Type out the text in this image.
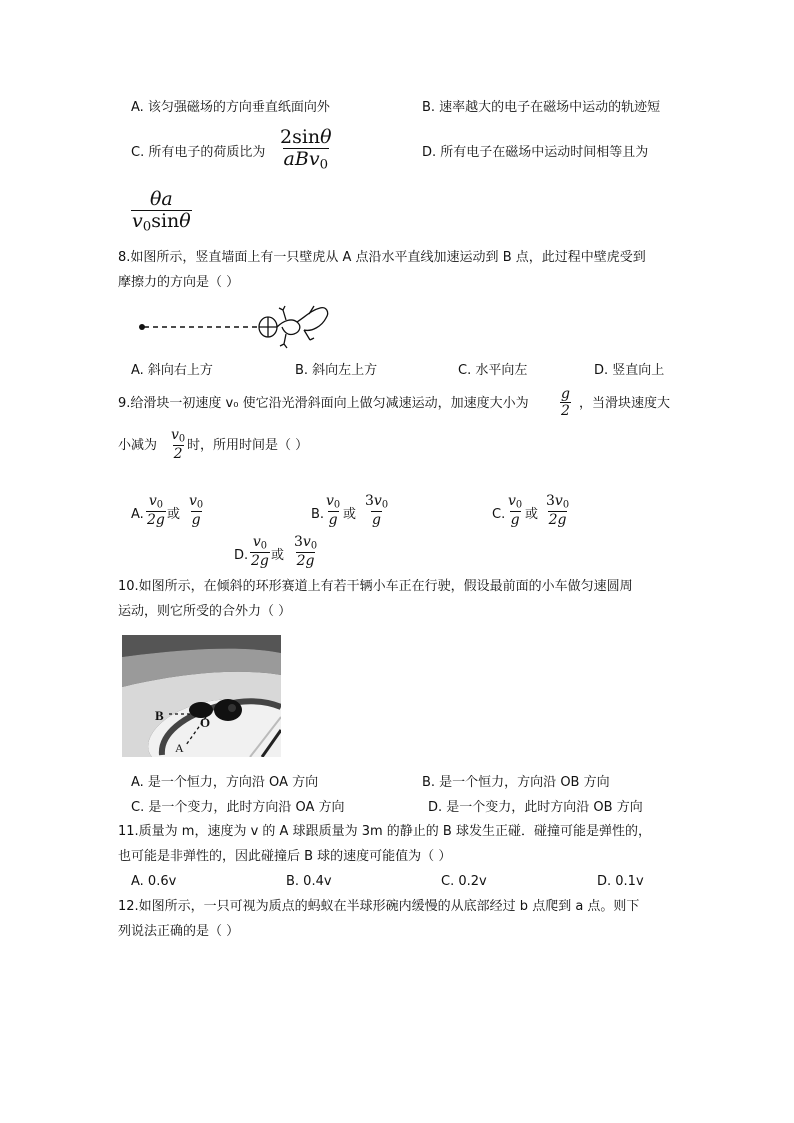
A. 该匀强磁场的方向垂直纸面向外	B. 速率越大的电子在磁场中运动的轨迹短
C. 所有电子的荷质比为 $\frac{2\sin\theta}{aBv_0}$	D. 所有电子在磁场中运动时间相等且为
$\frac{\theta a}{v_0\sin\theta}$
8.如图所示，竖直墙面上有一只壁虎从 A 点沿水平直线加速运动到 B 点，此过程中壁虎受到
摩擦力的方向是（ ）
A. 斜向右上方	B. 斜向左上方	C. 水平向左	D. 竖直向上
9.给滑块一初速度 v₀ 使它沿光滑斜面向上做匀减速运动，加速度大小为 $\frac{g}{2}$ ，当滑块速度大
小减为 $\frac{v_0}{2}$ 时，所用时间是（ ）
A. $\frac{v_0}{2g}$ 或 $\frac{v_0}{g}$	B. $\frac{v_0}{g}$ 或 $\frac{3v_0}{g}$	C. $\frac{v_0}{g}$ 或 $\frac{3v_0}{2g}$
D. $\frac{v_0}{2g}$ 或 $\frac{3v_0}{2g}$
10.如图所示，在倾斜的环形赛道上有若干辆小车正在行驶，假设最前面的小车做匀速圆周
运动，则它所受的合外力（ ）
B	O
A
A. 是一个恒力，方向沿 OA 方向	B. 是一个恒力，方向沿 OB 方向
C. 是一个变力，此时方向沿 OA 方向	D. 是一个变力，此时方向沿 OB 方向
11.质量为 m，速度为 v 的 A 球跟质量为 3m 的静止的 B 球发生正碰．碰撞可能是弹性的，
也可能是非弹性的，因此碰撞后 B 球的速度可能值为（ ）
A. 0.6v	B. 0.4v	C. 0.2v	D. 0.1v
12.如图所示，一只可视为质点的蚂蚁在半球形碗内缓慢的从底部经过 b 点爬到 a 点。则下
列说法正确的是（ ）
